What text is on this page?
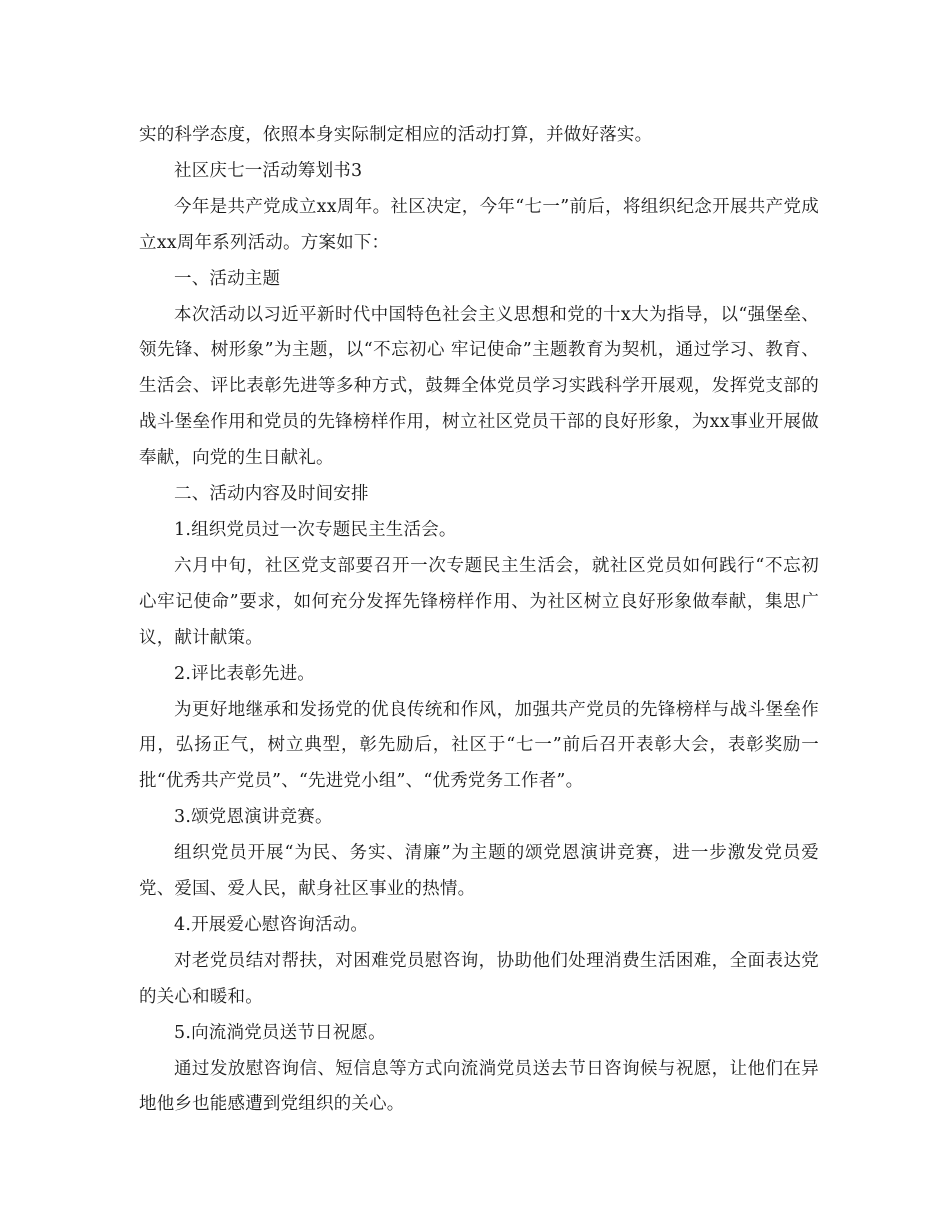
实的科学态度，依照本身实际制定相应的活动打算，并做好落实。

社区庆七一活动筹划书3

今年是共产党成立xx周年。社区决定，今年“七一”前后，将组织纪念开展共产党成立xx周年系列活动。方案如下：

一、活动主题

本次活动以习近平新时代中国特色社会主义思想和党的十x大为指导，以“强堡垒、领先锋、树形象”为主题，以“不忘初心 牢记使命”主题教育为契机，通过学习、教育、生活会、评比表彰先进等多种方式，鼓舞全体党员学习实践科学开展观，发挥党支部的战斗堡垒作用和党员的先锋榜样作用，树立社区党员干部的良好形象，为xx事业开展做奉献，向党的生日献礼。

二、活动内容及时间安排

1.组织党员过一次专题民主生活会。

六月中旬，社区党支部要召开一次专题民主生活会，就社区党员如何践行“不忘初心牢记使命”要求，如何充分发挥先锋榜样作用、为社区树立良好形象做奉献，集思广议，献计献策。

2.评比表彰先进。

为更好地继承和发扬党的优良传统和作风，加强共产党员的先锋榜样与战斗堡垒作用，弘扬正气，树立典型，彰先励后，社区于“七一”前后召开表彰大会，表彰奖励一批“优秀共产党员”、“先进党小组”、“优秀党务工作者”。

3.颂党恩演讲竞赛。

组织党员开展“为民、务实、清廉”为主题的颂党恩演讲竞赛，进一步激发党员爱党、爱国、爱人民，献身社区事业的热情。

4.开展爱心慰咨询活动。

对老党员结对帮扶，对困难党员慰咨询，协助他们处理消费生活困难，全面表达党的关心和暖和。

5.向流淌党员送节日祝愿。

通过发放慰咨询信、短信息等方式向流淌党员送去节日咨询候与祝愿，让他们在异地他乡也能感遭到党组织的关心。
